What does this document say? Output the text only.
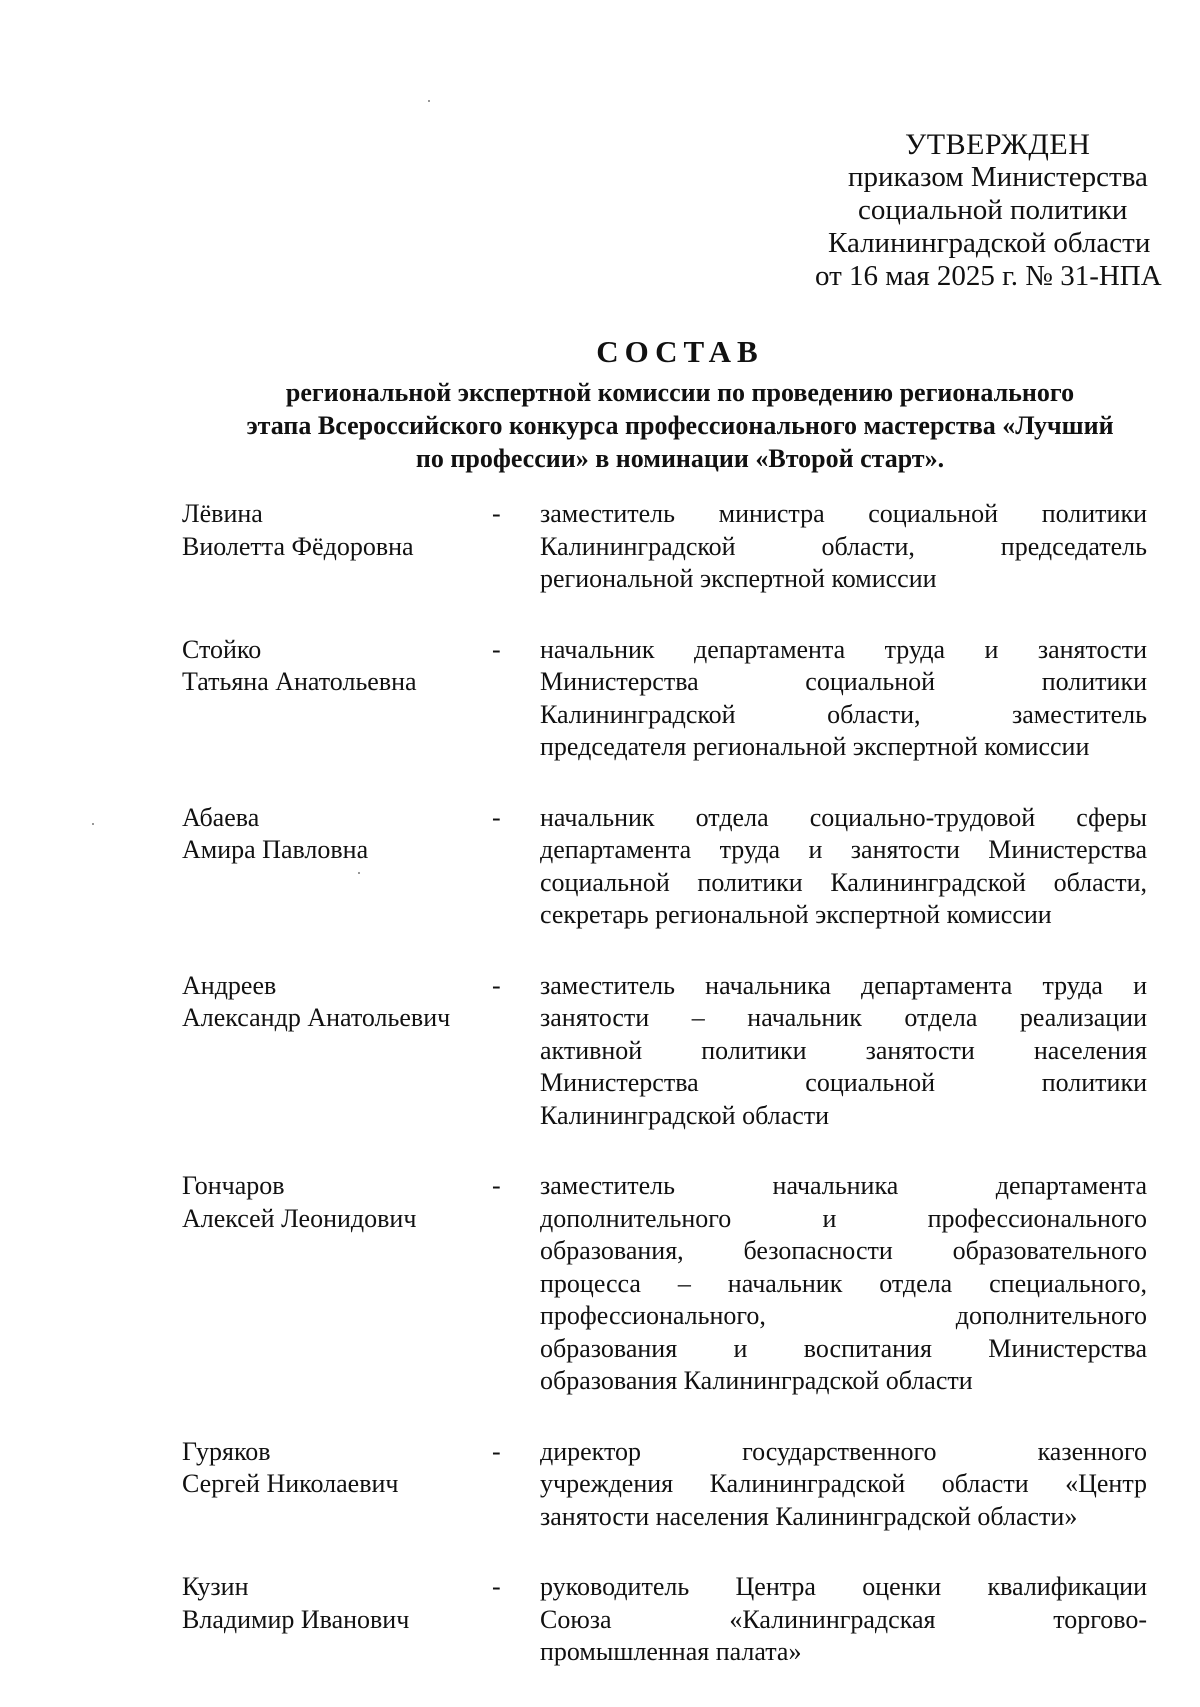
УТВЕРЖДЕН
приказом Министерства
социальной политики
Калининградской области
от 16 мая 2025 г. № 31-НПА
СОСТАВ
региональной экспертной комиссии по проведению регионального
этапа Всероссийского конкурса профессионального мастерства «Лучший
по профессии» в номинации «Второй старт».
Лёвина
Виолетта Фёдоровна
-	заместитель министра социальной политики
Калининградской области, председатель
региональной экспертной комиссии
Стойко
Татьяна Анатольевна
-	начальник департамента труда и занятости
Министерства социальной политики
Калининградской области, заместитель
председателя региональной экспертной комиссии
Абаева
Амира Павловна
-	начальник отдела социально-трудовой сферы
департамента труда и занятости Министерства
социальной политики Калининградской области,
секретарь региональной экспертной комиссии
Андреев
Александр Анатольевич
-	заместитель начальника департамента труда и
занятости – начальник отдела реализации
активной политики занятости населения
Министерства социальной политики
Калининградской области
Гончаров
Алексей Леонидович
-	заместитель начальника департамента
дополнительного и профессионального
образования, безопасности образовательного
процесса – начальник отдела специального,
профессионального, дополнительного
образования и воспитания Министерства
образования Калининградской области
Гуряков
Сергей Николаевич
-	директор государственного казенного
учреждения Калининградской области «Центр
занятости населения Калининградской области»
Кузин
Владимир Иванович
-	руководитель Центра оценки квалификации
Союза «Калининградская торгово-
промышленная палата»
